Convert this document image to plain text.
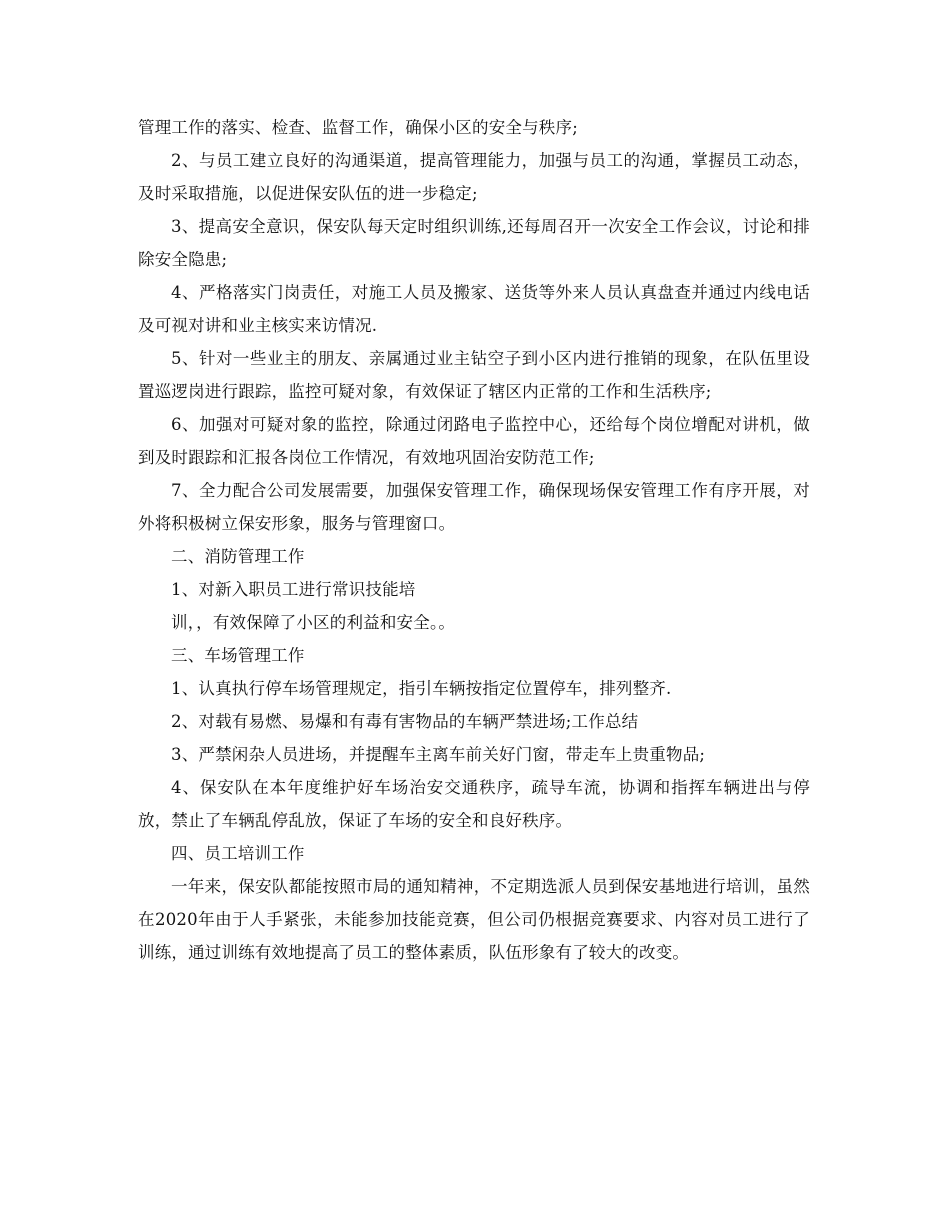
管理工作的落实、检查、监督工作，确保小区的安全与秩序;

2、与员工建立良好的沟通渠道，提高管理能力，加强与员工的沟通，掌握员工动态，及时采取措施，以促进保安队伍的进一步稳定;

3、提高安全意识，保安队每天定时组织训练,还每周召开一次安全工作会议，讨论和排除安全隐患;

4、严格落实门岗责任，对施工人员及搬家、送货等外来人员认真盘查并通过内线电话及可视对讲和业主核实来访情况.

5、针对一些业主的朋友、亲属通过业主钻空子到小区内进行推销的现象，在队伍里设置巡逻岗进行跟踪，监控可疑对象，有效保证了辖区内正常的工作和生活秩序;

6、加强对可疑对象的监控，除通过闭路电子监控中心，还给每个岗位增配对讲机，做到及时跟踪和汇报各岗位工作情况，有效地巩固治安防范工作;

7、全力配合公司发展需要，加强保安管理工作，确保现场保安管理工作有序开展，对外将积极树立保安形象，服务与管理窗口。

二、消防管理工作

1、对新入职员工进行常识技能培

训，，有效保障了小区的利益和安全。。

三、车场管理工作

1、认真执行停车场管理规定，指引车辆按指定位置停车，排列整齐.

2、对载有易燃、易爆和有毒有害物品的车辆严禁进场;工作总结

3、严禁闲杂人员进场，并提醒车主离车前关好门窗，带走车上贵重物品;

4、保安队在本年度维护好车场治安交通秩序，疏导车流，协调和指挥车辆进出与停放，禁止了车辆乱停乱放，保证了车场的安全和良好秩序。

四、员工培训工作

一年来，保安队都能按照市局的通知精神，不定期选派人员到保安基地进行培训，虽然在2020年由于人手紧张，未能参加技能竞赛，但公司仍根据竞赛要求、内容对员工进行了训练，通过训练有效地提高了员工的整体素质，队伍形象有了较大的改变。
